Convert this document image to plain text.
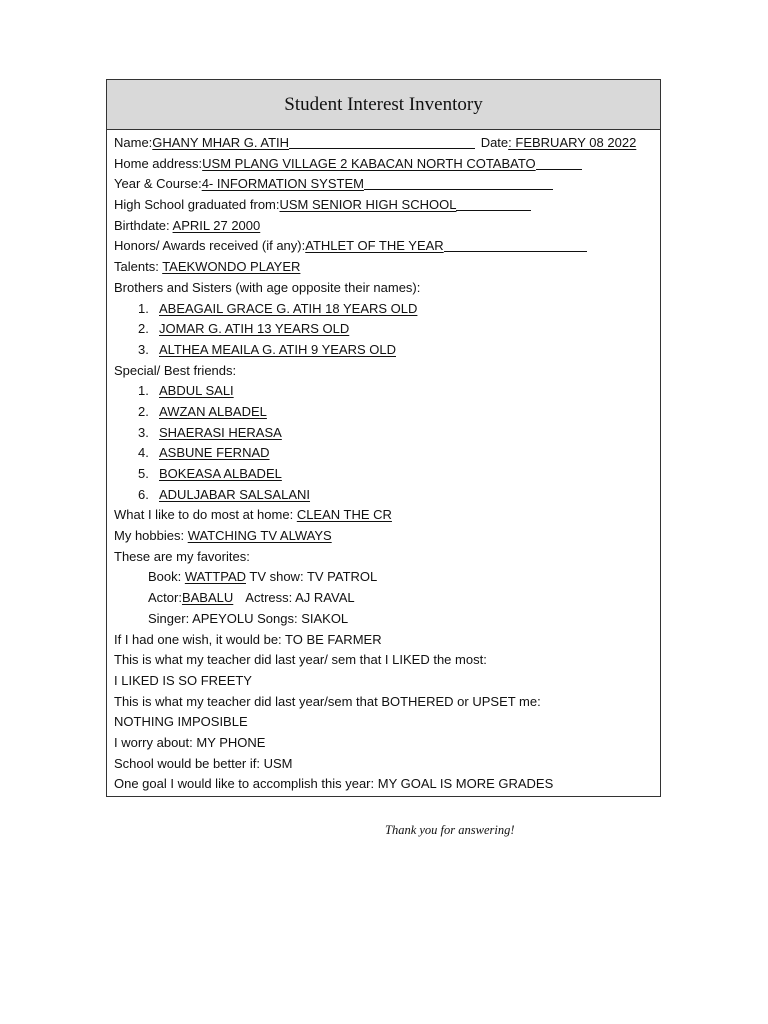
Student Interest Inventory
Name:GHANY MHAR G. ATIH	Date: FEBRUARY 08 2022
Home address:USM PLANG VILLAGE 2 KABACAN NORTH COTABATO
Year & Course:4- INFORMATION SYSTEM
High School graduated from:USM SENIOR HIGH SCHOOL
Birthdate: APRIL 27 2000
Honors/ Awards received (if any):ATHLET OF THE YEAR
Talents: TAEKWONDO PLAYER
Brothers and Sisters (with age opposite their names):
1. ABEAGAIL GRACE G. ATIH 18 YEARS OLD
2. JOMAR G. ATIH 13 YEARS OLD
3. ALTHEA MEAILA G. ATIH 9 YEARS OLD
Special/ Best friends:
1. ABDUL SALI
2. AWZAN ALBADEL
3. SHAERASI HERASA
4. ASBUNE FERNAD
5. BOKEASA ALBADEL
6. ADULJABAR SALSALANI
What I like to do most at home: CLEAN THE CR
My hobbies: WATCHING TV ALWAYS
These are my favorites:
Book: WATTPAD TV show: TV PATROL
Actor:BABALU Actress: AJ RAVAL
Singer: APEYOLU Songs: SIAKOL
If I had one wish, it would be: TO BE FARMER
This is what my teacher did last year/ sem that I LIKED the most:
I LIKED IS SO FREETY
This is what my teacher did last year/sem that BOTHERED or UPSET me:
NOTHING IMPOSIBLE
I worry about: MY PHONE
School would be better if: USM
One goal I would like to accomplish this year: MY GOAL IS MORE GRADES
Thank you for answering!
